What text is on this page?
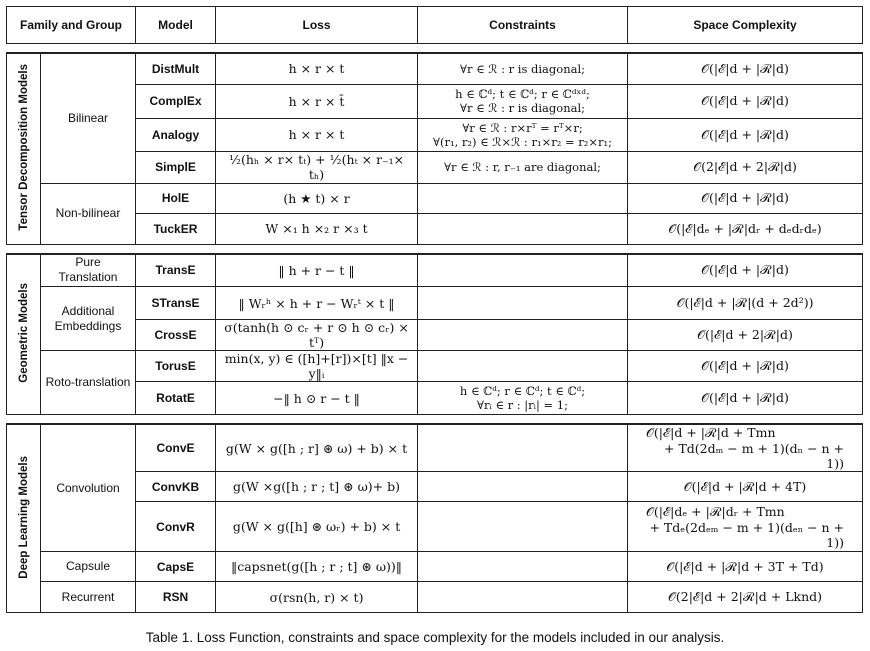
Family and Group		Model	Loss	Constraints	Space Complexity

Tensor Decomposition Models	Bilinear	DistMult	h × r × t	∀r ∈ ℛ : r is diagonal;	𝒪(|ℰ|d + |ℛ|d)
		ComplEx	h × r × t̄	h ∈ ℂᵈ; t ∈ ℂᵈ; r ∈ ℂᵈˣᵈ;
∀r ∈ ℛ : r is diagonal;	𝒪(|ℰ|d + |ℛ|d)
		Analogy	h × r × t	∀r ∈ ℛ : r×rᵀ = rᵀ×r;
∀(r₁, r₂) ∈ ℛ×ℛ : r₁×r₂ = r₂×r₁;	𝒪(|ℰ|d + |ℛ|d)
		SimplE	½(hₕ × r× tₜ) + ½(hₜ × r₋₁× tₕ)	∀r ∈ ℛ : r, r₋₁ are diagonal;	𝒪(2|ℰ|d + 2|ℛ|d)
	Non-bilinear	HolE	(h ★ t) × r		𝒪(|ℰ|d + |ℛ|d)
		TuckER	W ×₁ h ×₂ r ×₃ t		𝒪(|ℰ|dₑ + |ℛ|dᵣ + dₑdᵣdₑ)

Geometric Models	Pure Translation	TransE	‖ h + r − t ‖		𝒪(|ℰ|d + |ℛ|d)
	Additional Embeddings	STransE	‖ Wᵣʰ × h + r − Wᵣᵗ × t ‖		𝒪(|ℰ|d + |ℛ|(d + 2d²))
		CrossE	σ(tanh(h ⊙ cᵣ + r ⊙ h ⊙ cᵣ) × tᵀ)		𝒪(|ℰ|d + 2|ℛ|d)
	Roto-translation	TorusE	min(x, y) ∈ ([h]+[r])×[t] ‖x − y‖ᵢ		𝒪(|ℰ|d + |ℛ|d)
		RotatE	−‖ h ⊙ r − t ‖	h ∈ ℂᵈ; r ∈ ℂᵈ; t ∈ ℂᵈ;
∀rᵢ ∈ r : |rᵢ| = 1;	𝒪(|ℰ|d + |ℛ|d)

Deep Learning Models	Convolution	ConvE	g(W × g([h ; r] ⊛ ω) + b) × t		𝒪(|ℰ|d + |ℛ|d + Tmn
+ Td(2dₘ − m + 1)(dₙ − n + 1))

		ConvKB	g(W ×g([h ; r ; t] ⊛ ω)+ b)		𝒪(|ℰ|d + |ℛ|d + 4T)
		ConvR	g(W × g([h] ⊛ ωᵣ) + b) × t		𝒪(|ℰ|dₑ + |ℛ|dᵣ + Tmn
+ Tdₑ(2dₑₘ − m + 1)(dₑₙ − n + 1))

	Capsule	CapsE	‖capsnet(g([h ; r ; t] ⊛ ω))‖		𝒪(|ℰ|d + |ℛ|d + 3T + Td)
	Recurrent	RSN	σ(rsn(h, r) × t)		𝒪(2|ℰ|d + 2|ℛ|d + Lknd)
Table 1. Loss Function, constraints and space complexity for the models included in our analysis.
